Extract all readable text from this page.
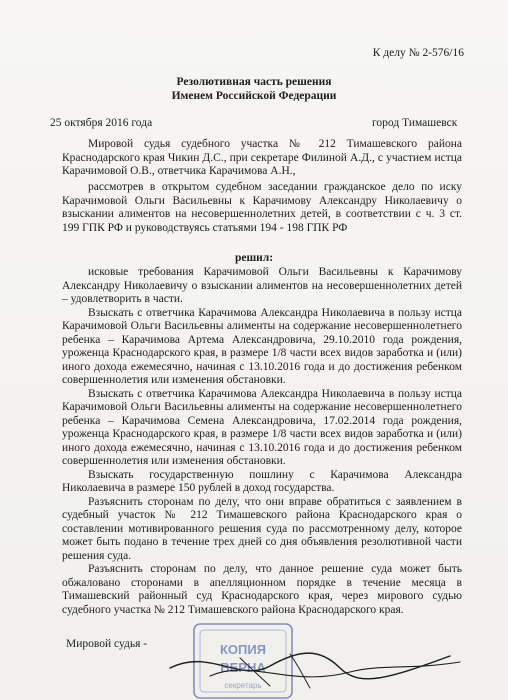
К делу № 2-576/16
Резолютивная часть решения
Именем Российской Федерации
25 октября 2016 года	город Тимашевск

Мировой судья судебного участка № 212 Тимашевского района Краснодарского края Чикин Д.С., при секретаре Филиной А.Д., с участием истца Карачимовой О.В., ответчика Карачимова А.Н.,

рассмотрев в открытом судебном заседании гражданское дело по иску Карачимовой Ольги Васильевны к Карачимову Александру Николаевичу о взыскании алиментов на несовершеннолетних детей, в соответствии с ч. 3 ст. 199 ГПК РФ и руководствуясь статьями 194 - 198 ГПК РФ

решил:

исковые требования Карачимовой Ольги Васильевны к Карачимову Александру Николаевичу о взыскании алиментов на несовершеннолетних детей – удовлетворить в части.

Взыскать с ответчика Карачимова Александра Николаевича в пользу истца Карачимовой Ольги Васильевны алименты на содержание несовершеннолетнего ребенка – Карачимова Артема Александровича, 29.10.2010 года рождения, уроженца Краснодарского края, в размере 1/8 части всех видов заработка и (или) иного дохода ежемесячно, начиная с 13.10.2016 года и до достижения ребенком совершеннолетия или изменения обстановки.

Взыскать с ответчика Карачимова Александра Николаевича в пользу истца Карачимовой Ольги Васильевны алименты на содержание несовершеннолетнего ребенка – Карачимова Семена Александровича, 17.02.2014 года рождения, уроженца Краснодарского края, в размере 1/8 части всех видов заработка и (или) иного дохода ежемесячно, начиная с 13.10.2016 года и до достижения ребенком совершеннолетия или изменения обстановки.

Взыскать государственную пошлину с Карачимова Александра Николаевича в размере 150 рублей в доход государства.

Разъяснить сторонам по делу, что они вправе обратиться с заявлением в судебный участок № 212 Тимашевского района Краснодарского края о составлении мотивированного решения суда по рассмотренному делу, которое может быть подано в течение трех дней со дня объявления резолютивной части решения суда.

Разъяснить сторонам по делу, что данное решение суда может быть обжаловано сторонами в апелляционном порядке в течение месяца в Тимашевский районный суд Краснодарского края, через мирового судью судебного участка № 212 Тимашевского района Краснодарского края.

Мировой судья -	КОПИЯ
ВЕРНА
секретарь
